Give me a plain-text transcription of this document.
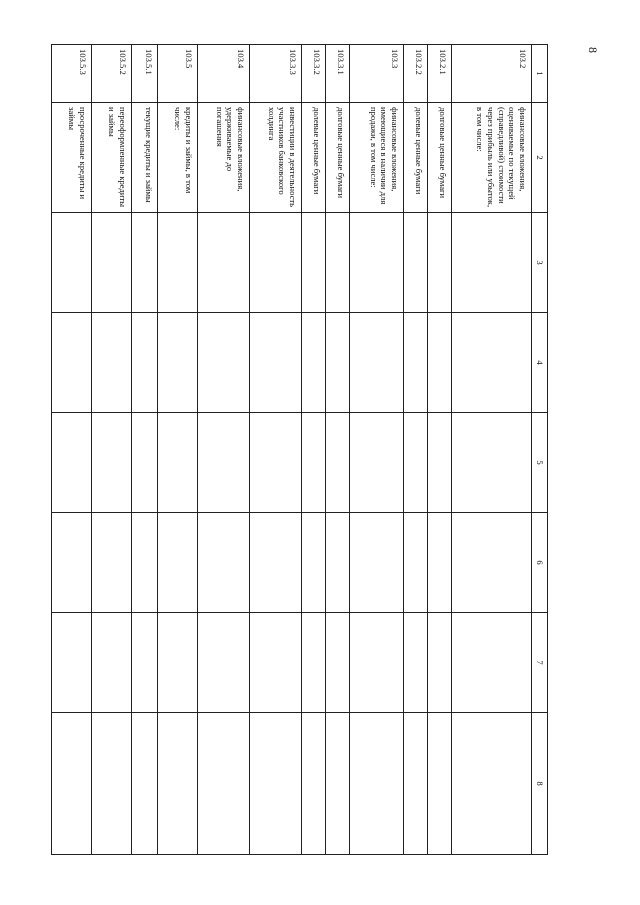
8
1	2	3	4	5	6	7	8
103.2	финансовые вложения, оцениваемые по текущей (справедливой) стоимости через прибыль или убыток, в том числе:						
103.2.1	долговые ценные бумаги						
103.2.2	долевые ценные бумаги						
103.3	финансовые вложения, имеющиеся в наличии для продажи, в том числе:						
103.3.1	долговые ценные бумаги						
103.3.2	долевые ценные бумаги						
103.3.3	инвестиции в деятельность участников банковского холдинга						
103.4	финансовые вложения, удерживаемые до погашения						
103.5	кредиты и займы, в том числе:						
103.5.1	текущие кредиты и займы						
103.5.2	переоформленные кредиты и займы						
103.5.3	просроченные кредиты и займы						
